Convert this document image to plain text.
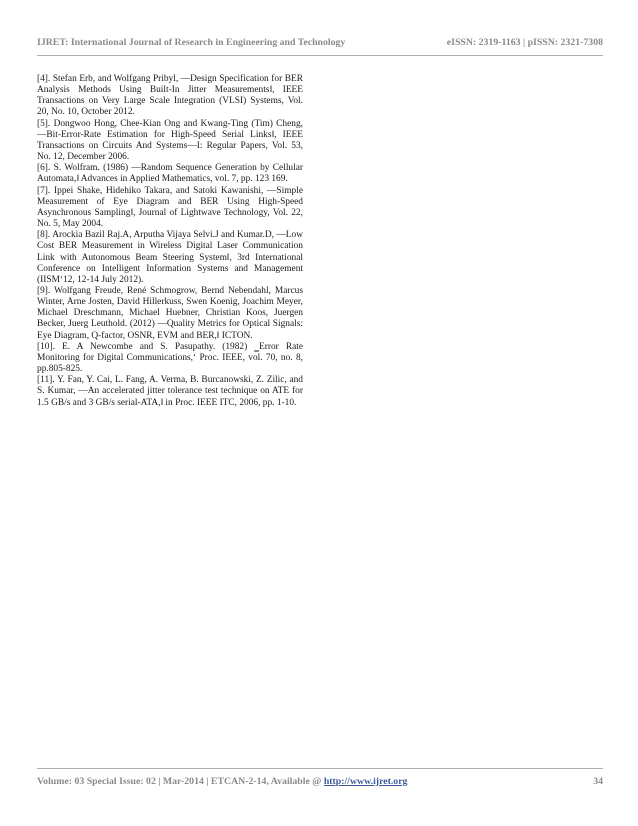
IJRET: International Journal of Research in Engineering and Technology	eISSN: 2319-1163 | pISSN: 2321-7308

[4]. Stefan Erb, and Wolfgang Pribyl, ―Design Specification for BER Analysis Methods Using Built-In Jitter Measurements‖, IEEE Transactions on Very Large Scale Integration (VLSI) Systems, Vol. 20, No. 10, October 2012.

[5]. Dongwoo Hong, Chee-Kian Ong and Kwang-Ting (Tim) Cheng, ―Bit-Error-Rate Estimation for High-Speed Serial Links‖, IEEE Transactions on Circuits And Systems—I: Regular Papers, Vol. 53, No. 12, December 2006.

[6]. S. Wolfram. (1986) ―Random Sequence Generation by Cellular Automata,‖ Advances in Applied Mathematics, vol. 7, pp. 123 169.

[7]. Ippei Shake, Hidehiko Takara, and Satoki Kawanishi, ―Simple Measurement of Eye Diagram and BER Using High-Speed Asynchronous Sampling‖, Journal of Lightwave Technology, Vol. 22, No. 5, May 2004.

[8]. Arockia Bazil Raj.A, Arputha Vijaya Selvi.J and Kumar.D, ―Low Cost BER Measurement in Wireless Digital Laser Communication Link with Autonomous Beam Steering System‖, 3rd International Conference on Intelligent Information Systems and Management (IISM‘12, 12-14 July 2012).

[9]. Wolfgang Freude, René Schmogrow, Bernd Nebendahl, Marcus Winter, Arne Josten, David Hillerkuss, Swen Koenig, Joachim Meyer, Michael Dreschmann, Michael Huebner, Christian Koos, Juergen Becker, Juerg Leuthold. (2012) ―Quality Metrics for Optical Signals: Eye Diagram, Q-factor, OSNR, EVM and BER,‖ ICTON.

[10]. E. A Newcombe and S. Pasupathy. (1982) ‗Error Rate Monitoring for Digital Communications,‘ Proc. IEEE, vol. 70, no. 8, pp.805-825.

[11]. Y. Fan, Y. Cai, L. Fang, A. Verma, B. Burcanowski, Z. Zilic, and S. Kumar, ―An accelerated jitter tolerance test technique on ATE for 1.5 GB/s and 3 GB/s serial-ATA,‖ in Proc. IEEE ITC, 2006, pp. 1-10.

Volume: 03 Special Issue: 02 | Mar-2014 | ETCAN-2-14, Available @ http://www.ijret.org	34
